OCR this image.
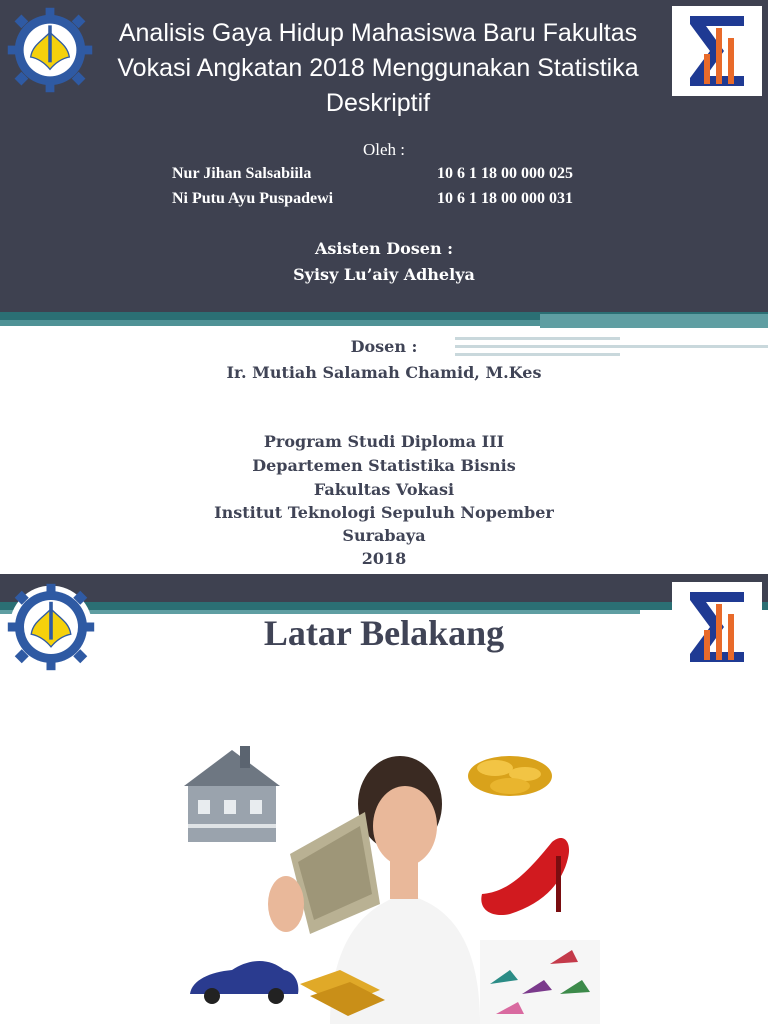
Analisis Gaya Hidup Mahasiswa Baru Fakultas Vokasi Angkatan 2018 Menggunakan Statistika Deskriptif
Oleh :
Nur Jihan Salsabiila	10 6 1 18 00 000 025
Ni Putu Ayu Puspadewi	10 6 1 18 00 000 031
Asisten Dosen :
Syisy Lu’aiy Adhelya
Dosen :
Ir. Mutiah Salamah Chamid, M.Kes
Program Studi Diploma III
Departemen Statistika Bisnis
Fakultas Vokasi
Institut Teknologi Sepuluh Nopember
Surabaya
2018
Latar Belakang
